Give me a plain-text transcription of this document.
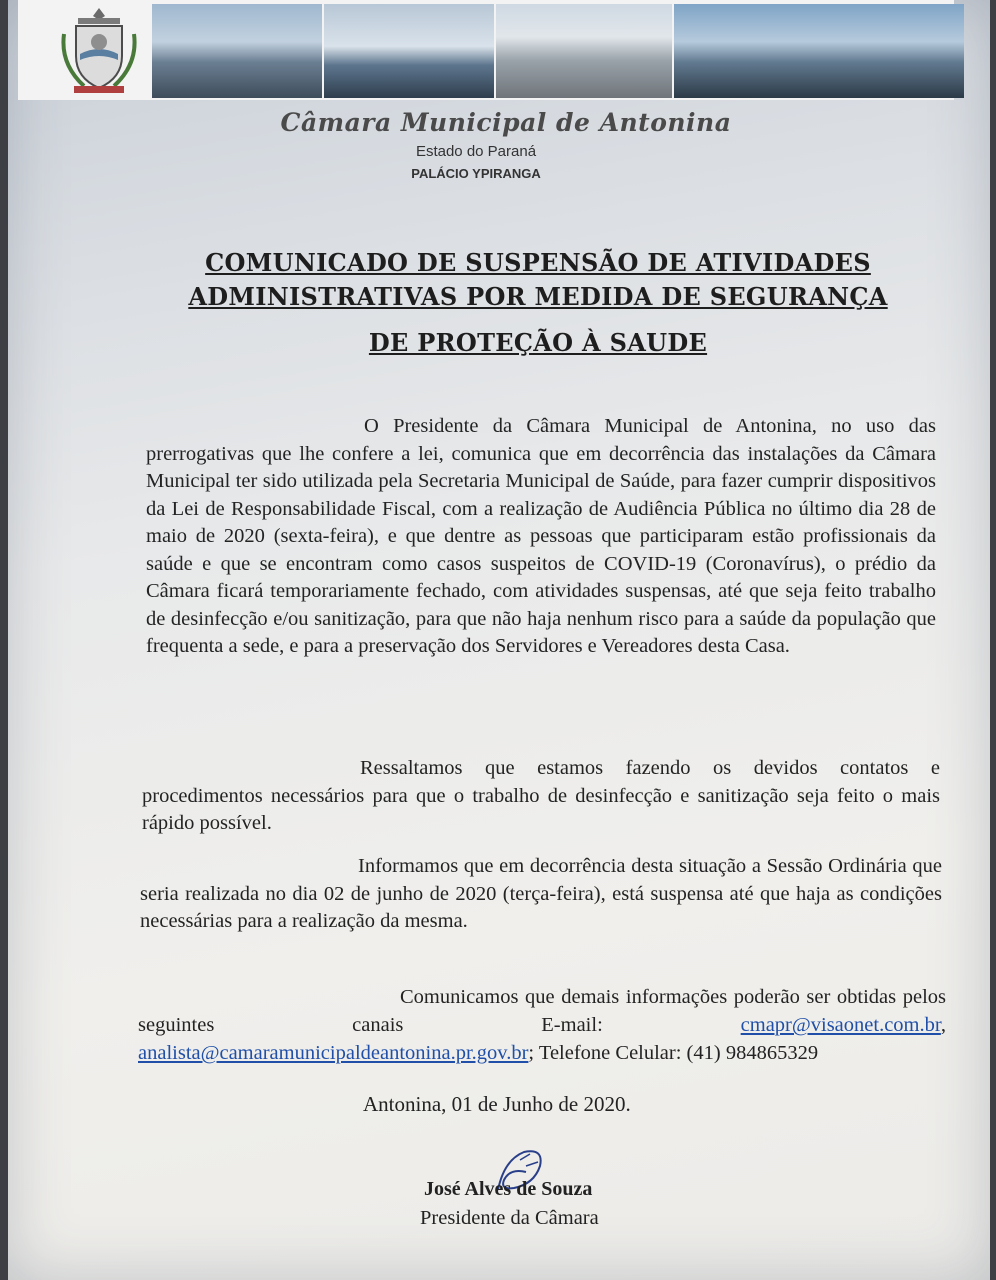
Câmara Municipal de Antonina
Estado do Paraná
PALÁCIO YPIRANGA
COMUNICADO DE SUSPENSÃO DE ATIVIDADES
ADMINISTRATIVAS POR MEDIDA DE SEGURANÇA
DE PROTEÇÃO À SAUDE
O Presidente da Câmara Municipal de Antonina, no uso das prerrogativas que lhe confere a lei, comunica que em decorrência das instalações da Câmara Municipal ter sido utilizada pela Secretaria Municipal de Saúde, para fazer cumprir dispositivos da Lei de Responsabilidade Fiscal, com a realização de Audiência Pública no último dia 28 de maio de 2020 (sexta-feira), e que dentre as pessoas que participaram estão profissionais da saúde e que se encontram como casos suspeitos de COVID-19 (Coronavírus), o prédio da Câmara ficará temporariamente fechado, com atividades suspensas, até que seja feito trabalho de desinfecção e/ou sanitização, para que não haja nenhum risco para a saúde da população que frequenta a sede, e para a preservação dos Servidores e Vereadores desta Casa.
Ressaltamos que estamos fazendo os devidos contatos e procedimentos necessários para que o trabalho de desinfecção e sanitização seja feito o mais rápido possível.
Informamos que em decorrência desta situação a Sessão Ordinária que seria realizada no dia 02 de junho de 2020 (terça-feira), está suspensa até que haja as condições necessárias para a realização da mesma.
Comunicamos que demais informações poderão ser obtidas pelos seguintes canais E-mail:	cmapr@visaonet.com.br, analista@camaramunicipaldeantonina.pr.gov.br; Telefone Celular: (41) 984865329
Antonina, 01 de Junho de 2020.
José Alves de Souza
Presidente da Câmara
